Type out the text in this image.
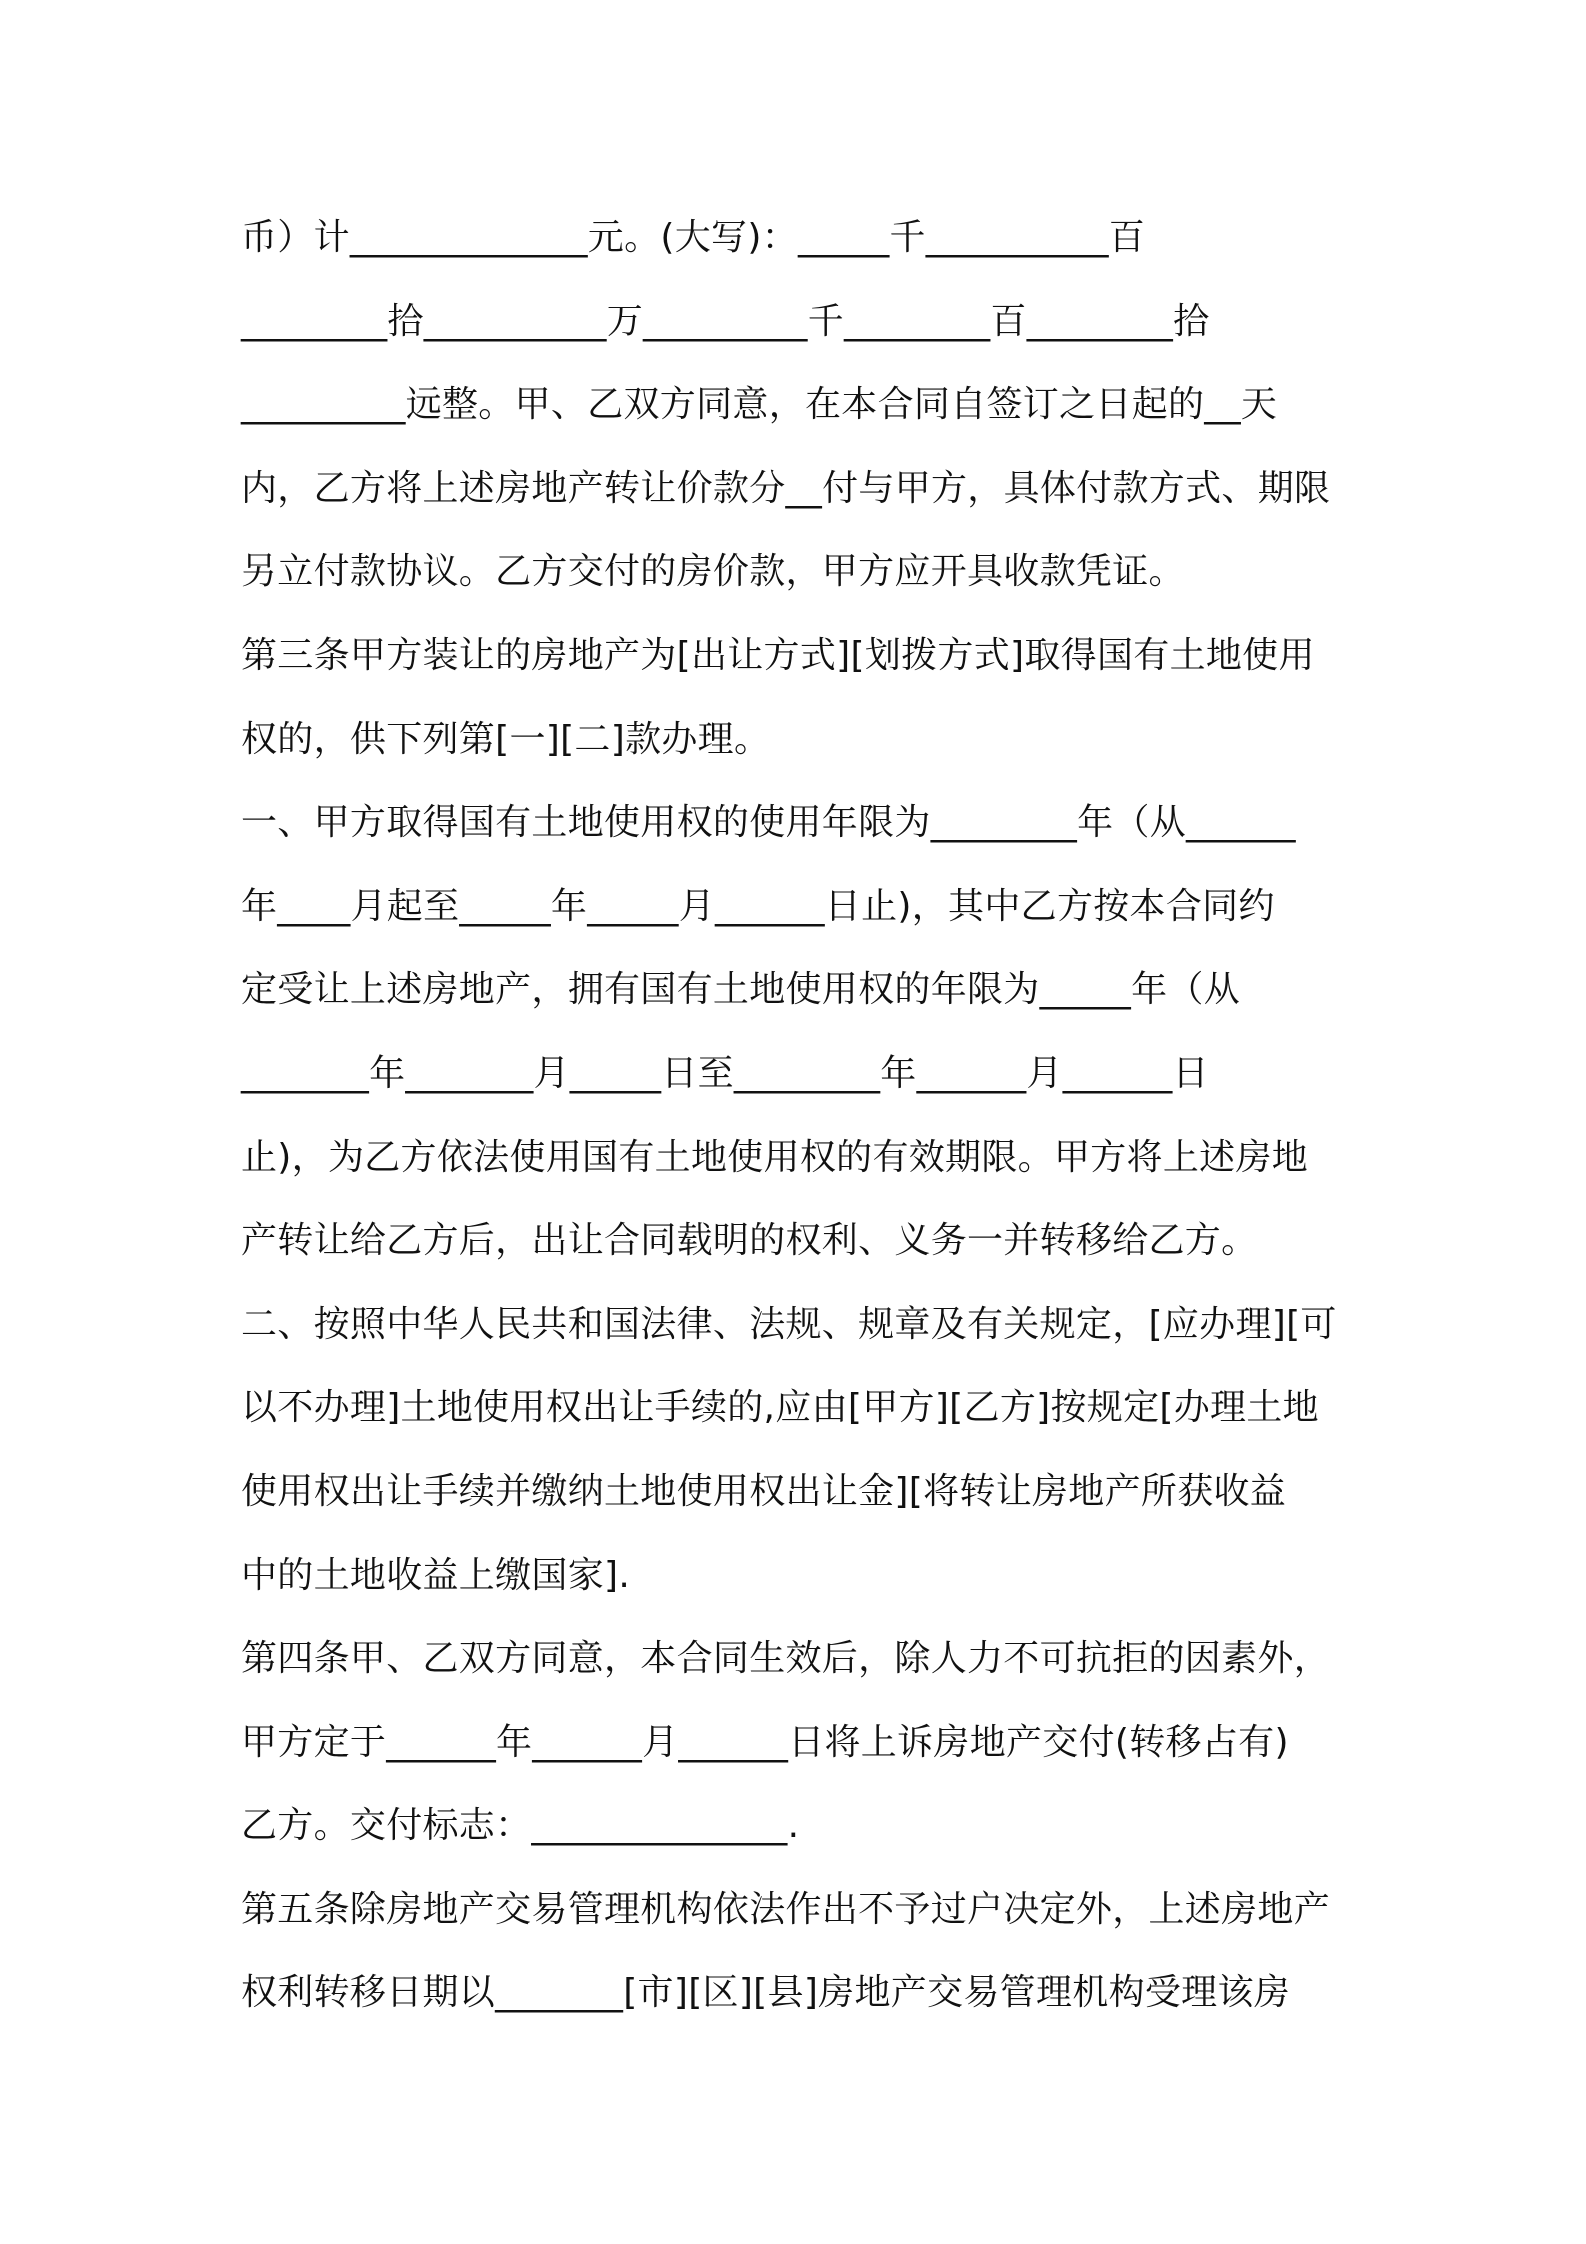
币）计_____________元。(大写)：_____千__________百
________拾__________万_________千________百________拾
_________远整。甲、乙双方同意，在本合同自签订之日起的__天
内，乙方将上述房地产转让价款分__付与甲方，具体付款方式、期限
另立付款协议。乙方交付的房价款，甲方应开具收款凭证。
第三条甲方装让的房地产为[出让方式][划拨方式]取得国有土地使用
权的，供下列第[一][二]款办理。
一、甲方取得国有土地使用权的使用年限为________年（从______
年____月起至_____年_____月______日止)，其中乙方按本合同约
定受让上述房地产，拥有国有土地使用权的年限为_____年（从
_______年_______月_____日至________年______月______日
止)，为乙方依法使用国有土地使用权的有效期限。甲方将上述房地
产转让给乙方后，出让合同载明的权利、义务一并转移给乙方。
二、按照中华人民共和国法律、法规、规章及有关规定，[应办理][可
以不办理]土地使用权出让手续的,应由[甲方][乙方]按规定[办理土地
使用权出让手续并缴纳土地使用权出让金][将转让房地产所获收益
中的土地收益上缴国家].
第四条甲、乙双方同意，本合同生效后，除人力不可抗拒的因素外，
甲方定于______年______月______日将上诉房地产交付(转移占有)
乙方。交付标志：______________.
第五条除房地产交易管理机构依法作出不予过户决定外，上述房地产
权利转移日期以_______[市][区][县]房地产交易管理机构受理该房
